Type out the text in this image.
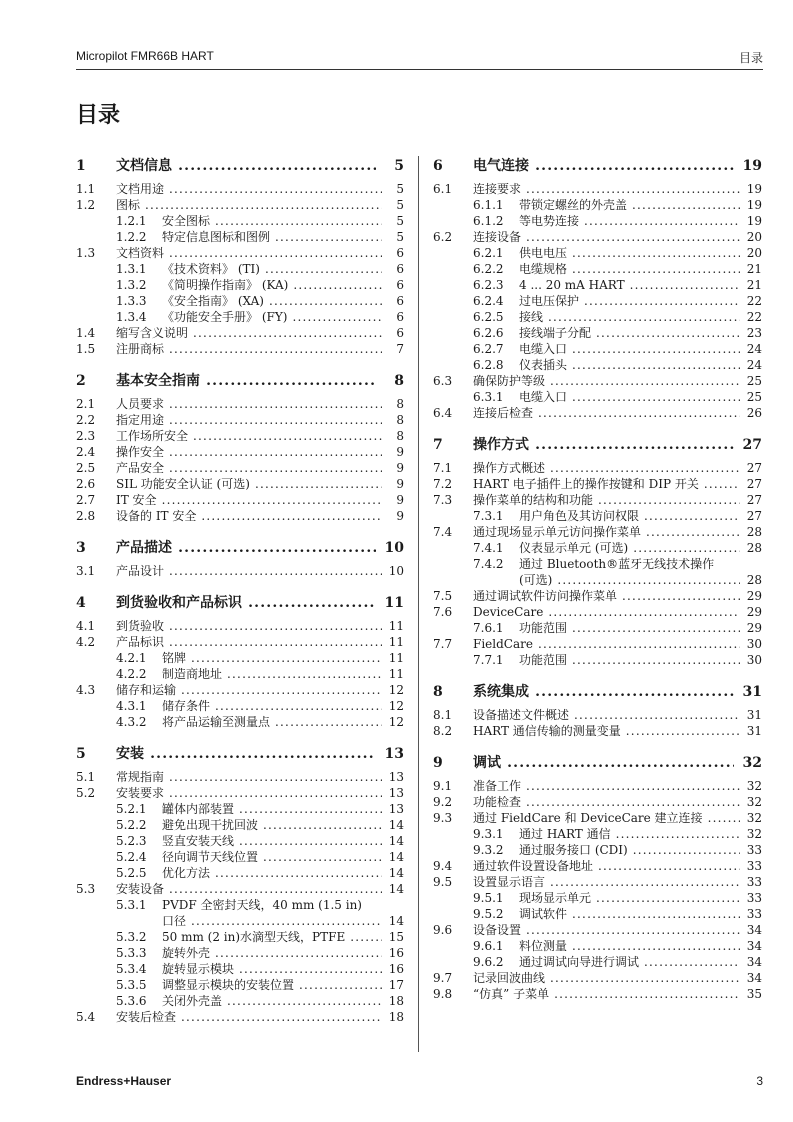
Micropilot FMR66B HART	目录
目录
1 文档信息 .....	5
1.1 文档用途 .....	5
1.2 图标 .....	5
1.2.1 安全图标 .....	5
1.2.2 特定信息图标和图例 .....	5
1.3 文档资料 .....	6
1.3.1 《技术资料》 (TI) .....	6
1.3.2 《简明操作指南》 (KA) .....	6
1.3.3 《安全指南》 (XA) .....	6
1.3.4 《功能安全手册》 (FY) .....	6
1.4 缩写含义说明 .....	6
1.5 注册商标 .....	7
2 基本安全指南 .....	8
2.1 人员要求 .....	8
2.2 指定用途 .....	8
2.3 工作场所安全 .....	8
2.4 操作安全 .....	9
2.5 产品安全 .....	9
2.6 SIL 功能安全认证 (可选) .....	9
2.7 IT 安全 .....	9
2.8 设备的 IT 安全 .....	9
3 产品描述 .....	10
3.1 产品设计 .....	10
4 到货验收和产品标识 .....	11
4.1 到货验收 .....	11
4.2 产品标识 .....	11
4.2.1 铭牌 .....	11
4.2.2 制造商地址 .....	11
4.3 储存和运输 .....	12
4.3.1 储存条件 .....	12
4.3.2 将产品运输至测量点 .....	12
5 安装 .....	13
5.1 常规指南 .....	13
5.2 安装要求 .....	13
5.2.1 罐体内部装置 .....	13
5.2.2 避免出现干扰回波 .....	14
5.2.3 竖直安装天线 .....	14
5.2.4 径向调节天线位置 .....	14
5.2.5 优化方法 .....	14
5.3 安装设备 .....	14
5.3.1 PVDF 全密封天线，40 mm (1.5 in)
口径 .....	14
5.3.2 50 mm (2 in)水滴型天线，PTFE .....	15
5.3.3 旋转外壳 .....	16
5.3.4 旋转显示模块 .....	16
5.3.5 调整显示模块的安装位置 .....	17
5.3.6 关闭外壳盖 .....	18
5.4 安装后检查 .....	18
6 电气连接 .....	19
6.1 连接要求 .....	19
6.1.1 带锁定螺丝的外壳盖 .....	19
6.1.2 等电势连接 .....	19
6.2 连接设备 .....	20
6.2.1 供电电压 .....	20
6.2.2 电缆规格 .....	21
6.2.3 4 ... 20 mA HART .....	21
6.2.4 过电压保护 .....	22
6.2.5 接线 .....	22
6.2.6 接线端子分配 .....	23
6.2.7 电缆入口 .....	24
6.2.8 仪表插头 .....	24
6.3 确保防护等级 .....	25
6.3.1 电缆入口 .....	25
6.4 连接后检查 .....	26
7 操作方式 .....	27
7.1 操作方式概述 .....	27
7.2 HART 电子插件上的操作按键和 DIP 开关 .....	27
7.3 操作菜单的结构和功能 .....	27
7.3.1 用户角色及其访问权限 .....	27
7.4 通过现场显示单元访问操作菜单 .....	28
7.4.1 仪表显示单元 (可选) .....	28
7.4.2 通过 Bluetooth®蓝牙无线技术操作
(可选) .....	28
7.5 通过调试软件访问操作菜单 .....	29
7.6 DeviceCare .....	29
7.6.1 功能范围 .....	29
7.7 FieldCare .....	30
7.7.1 功能范围 .....	30
8 系统集成 .....	31
8.1 设备描述文件概述 .....	31
8.2 HART 通信传输的测量变量 .....	31
9 调试 .....	32
9.1 准备工作 .....	32
9.2 功能检查 .....	32
9.3 通过 FieldCare 和 DeviceCare 建立连接 .....	32
9.3.1 通过 HART 通信 .....	32
9.3.2 通过服务接口 (CDI) .....	33
9.4 通过软件设置设备地址 .....	33
9.5 设置显示语言 .....	33
9.5.1 现场显示单元 .....	33
9.5.2 调试软件 .....	33
9.6 设备设置 .....	34
9.6.1 料位测量 .....	34
9.6.2 通过调试向导进行调试 .....	34
9.7 记录回波曲线 .....	34
9.8 “仿真” 子菜单 .....	35
Endress+Hauser	3
